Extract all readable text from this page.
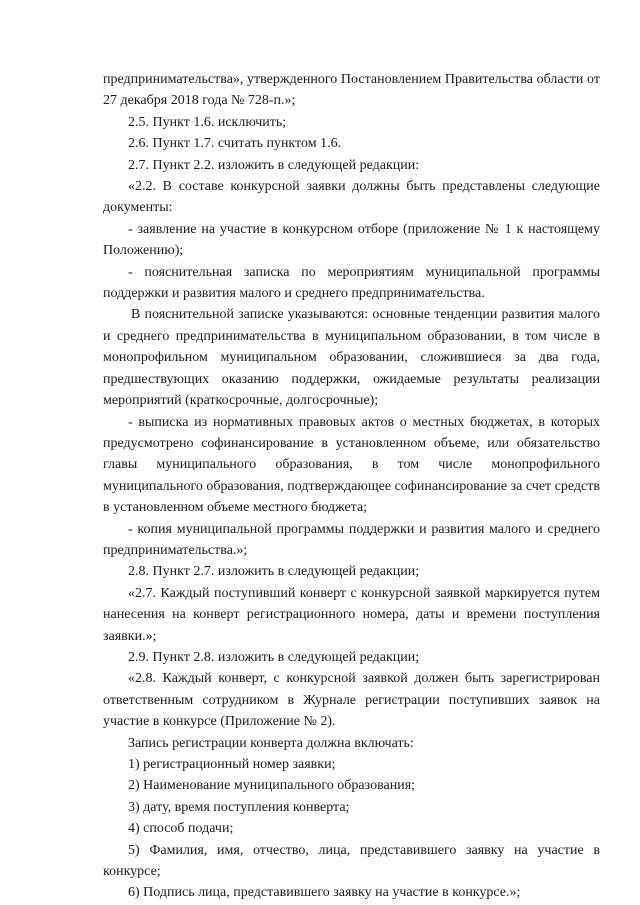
предпринимательства», утвержденного Постановлением Правительства области от 27 декабря 2018 года № 728-п.»;

2.5. Пункт 1.6. исключить;

2.6. Пункт 1.7. считать пунктом 1.6.

2.7. Пункт 2.2. изложить в следующей редакции:

«2.2. В составе конкурсной заявки должны быть представлены следующие документы:

- заявление на участие в конкурсном отборе (приложение № 1 к настоящему Положению);

- пояснительная записка по мероприятиям муниципальной программы поддержки и развития малого и среднего предпринимательства.

В пояснительной записке указываются: основные тенденции развития малого и среднего предпринимательства в муниципальном образовании, в том числе в монопрофильном муниципальном образовании, сложившиеся за два года, предшествующих оказанию поддержки, ожидаемые результаты реализации мероприятий (краткосрочные, долгосрочные);

- выписка из нормативных правовых актов о местных бюджетах, в которых предусмотрено софинансирование в установленном объеме, или обязательство главы муниципального образования, в том числе монопрофильного муниципального образования, подтверждающее софинансирование за счет средств в установленном объеме местного бюджета;

- копия муниципальной программы поддержки и развития малого и среднего предпринимательства.»;

2.8. Пункт 2.7. изложить в следующей редакции;

«2.7. Каждый поступивший конверт с конкурсной заявкой маркируется путем нанесения на конверт регистрационного номера, даты и времени поступления заявки.»;

2.9. Пункт 2.8. изложить в следующей редакции;

«2.8. Каждый конверт, с конкурсной заявкой должен быть зарегистрирован ответственным сотрудником в Журнале регистрации поступивших заявок на участие в конкурсе (Приложение № 2).

Запись регистрации конверта должна включать:

1) регистрационный номер заявки;

2) Наименование муниципального образования;

3) дату, время поступления конверта;

4) способ подачи;

5) Фамилия, имя, отчество, лица, представившего заявку на участие в конкурсе;

6) Подпись лица, представившего заявку на участие в конкурсе.»;
